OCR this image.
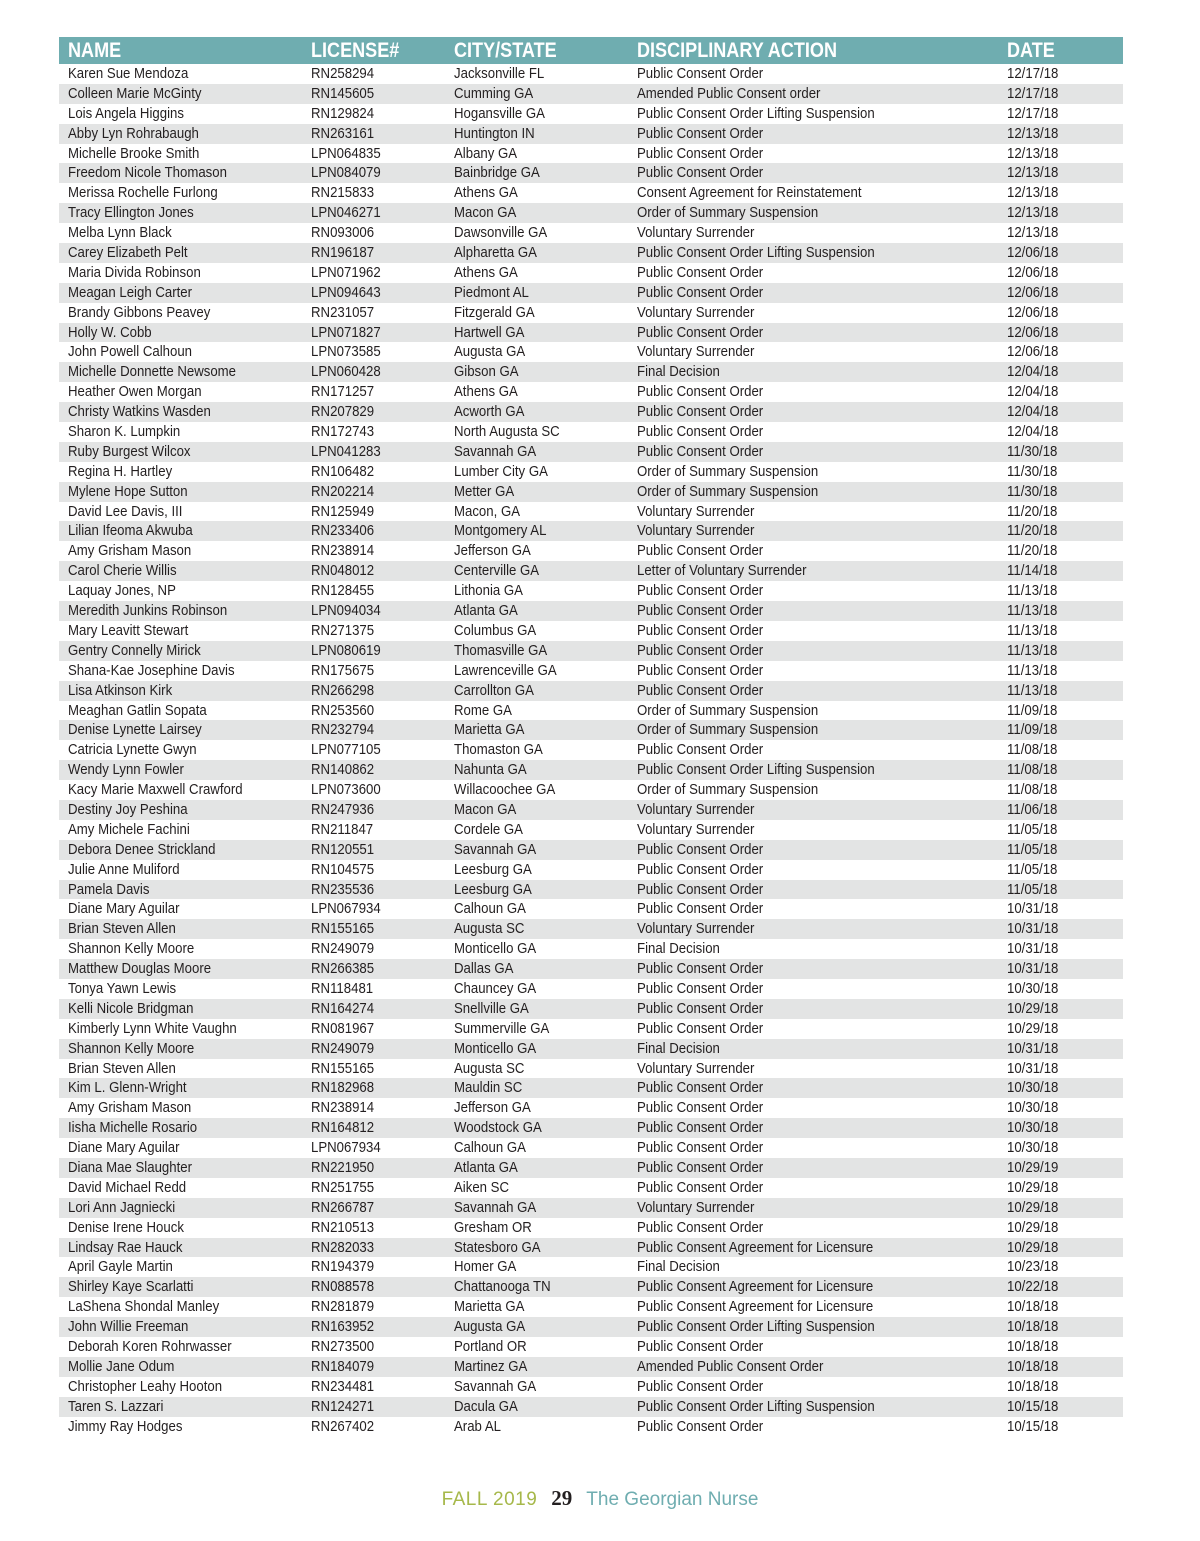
NAME	LICENSE#	CITY/STATE	DISCIPLINARY ACTION	DATE
Karen Sue Mendoza	RN258294	Jacksonville FL	Public Consent Order	12/17/18
Colleen Marie McGinty	RN145605	Cumming GA	Amended Public Consent order	12/17/18
Lois Angela Higgins	RN129824	Hogansville GA	Public Consent Order Lifting Suspension	12/17/18
Abby Lyn Rohrabaugh	RN263161	Huntington IN	Public Consent Order	12/13/18
Michelle Brooke Smith	LPN064835	Albany GA	Public Consent Order	12/13/18
Freedom Nicole Thomason	LPN084079	Bainbridge GA	Public Consent Order	12/13/18
Merissa Rochelle Furlong	RN215833	Athens GA	Consent Agreement for Reinstatement	12/13/18
Tracy Ellington Jones	LPN046271	Macon GA	Order of Summary Suspension	12/13/18
Melba Lynn Black	RN093006	Dawsonville GA	Voluntary Surrender	12/13/18
Carey Elizabeth Pelt	RN196187	Alpharetta GA	Public Consent Order Lifting Suspension	12/06/18
Maria Divida Robinson	LPN071962	Athens GA	Public Consent Order	12/06/18
Meagan Leigh Carter	LPN094643	Piedmont AL	Public Consent Order	12/06/18
Brandy Gibbons Peavey	RN231057	Fitzgerald GA	Voluntary Surrender	12/06/18
Holly W. Cobb	LPN071827	Hartwell GA	Public Consent Order	12/06/18
John Powell Calhoun	LPN073585	Augusta GA	Voluntary Surrender	12/06/18
Michelle Donnette Newsome	LPN060428	Gibson GA	Final Decision	12/04/18
Heather Owen Morgan	RN171257	Athens GA	Public Consent Order	12/04/18
Christy Watkins Wasden	RN207829	Acworth GA	Public Consent Order	12/04/18
Sharon K. Lumpkin	RN172743	North Augusta SC	Public Consent Order	12/04/18
Ruby Burgest Wilcox	LPN041283	Savannah GA	Public Consent Order	11/30/18
Regina H. Hartley	RN106482	Lumber City GA	Order of Summary Suspension	11/30/18
Mylene Hope Sutton	RN202214	Metter GA	Order of Summary Suspension	11/30/18
David Lee Davis, III	RN125949	Macon, GA	Voluntary Surrender	11/20/18
Lilian Ifeoma Akwuba	RN233406	Montgomery AL	Voluntary Surrender	11/20/18
Amy Grisham Mason	RN238914	Jefferson GA	Public Consent Order	11/20/18
Carol Cherie Willis	RN048012	Centerville GA	Letter of Voluntary Surrender	11/14/18
Laquay Jones, NP	RN128455	Lithonia GA	Public Consent Order	11/13/18
Meredith Junkins Robinson	LPN094034	Atlanta GA	Public Consent Order	11/13/18
Mary Leavitt Stewart	RN271375	Columbus GA	Public Consent Order	11/13/18
Gentry Connelly Mirick	LPN080619	Thomasville GA	Public Consent Order	11/13/18
Shana-Kae Josephine Davis	RN175675	Lawrenceville GA	Public Consent Order	11/13/18
Lisa Atkinson Kirk	RN266298	Carrollton GA	Public Consent Order	11/13/18
Meaghan Gatlin Sopata	RN253560	Rome GA	Order of Summary Suspension	11/09/18
Denise Lynette Lairsey	RN232794	Marietta GA	Order of Summary Suspension	11/09/18
Catricia Lynette Gwyn	LPN077105	Thomaston GA	Public Consent Order	11/08/18
Wendy Lynn Fowler	RN140862	Nahunta GA	Public Consent Order Lifting Suspension	11/08/18
Kacy Marie Maxwell Crawford	LPN073600	Willacoochee GA	Order of Summary Suspension	11/08/18
Destiny Joy Peshina	RN247936	Macon GA	Voluntary Surrender	11/06/18
Amy Michele Fachini	RN211847	Cordele GA	Voluntary Surrender	11/05/18
Debora Denee Strickland	RN120551	Savannah GA	Public Consent Order	11/05/18
Julie Anne Muliford	RN104575	Leesburg GA	Public Consent Order	11/05/18
Pamela Davis	RN235536	Leesburg GA	Public Consent Order	11/05/18
Diane Mary Aguilar	LPN067934	Calhoun GA	Public Consent Order	10/31/18
Brian Steven Allen	RN155165	Augusta SC	Voluntary Surrender	10/31/18
Shannon Kelly Moore	RN249079	Monticello GA	Final Decision	10/31/18
Matthew Douglas Moore	RN266385	Dallas GA	Public Consent Order	10/31/18
Tonya Yawn Lewis	RN118481	Chauncey GA	Public Consent Order	10/30/18
Kelli Nicole Bridgman	RN164274	Snellville GA	Public Consent Order	10/29/18
Kimberly Lynn White Vaughn	RN081967	Summerville GA	Public Consent Order	10/29/18
Shannon Kelly Moore	RN249079	Monticello GA	Final Decision	10/31/18
Brian Steven Allen	RN155165	Augusta SC	Voluntary Surrender	10/31/18
Kim L. Glenn-Wright	RN182968	Mauldin SC	Public Consent Order	10/30/18
Amy Grisham Mason	RN238914	Jefferson GA	Public Consent Order	10/30/18
Iisha Michelle Rosario	RN164812	Woodstock GA	Public Consent Order	10/30/18
Diane Mary Aguilar	LPN067934	Calhoun GA	Public Consent Order	10/30/18
Diana Mae Slaughter	RN221950	Atlanta GA	Public Consent Order	10/29/19
David Michael Redd	RN251755	Aiken SC	Public Consent Order	10/29/18
Lori Ann Jagniecki	RN266787	Savannah GA	Voluntary Surrender	10/29/18
Denise Irene Houck	RN210513	Gresham OR	Public Consent Order	10/29/18
Lindsay Rae Hauck	RN282033	Statesboro GA	Public Consent Agreement for Licensure	10/29/18
April Gayle Martin	RN194379	Homer GA	Final Decision	10/23/18
Shirley Kaye Scarlatti	RN088578	Chattanooga TN	Public Consent Agreement for Licensure	10/22/18
LaShena Shondal Manley	RN281879	Marietta GA	Public Consent Agreement for Licensure	10/18/18
John Willie Freeman	RN163952	Augusta GA	Public Consent Order Lifting Suspension	10/18/18
Deborah Koren Rohrwasser	RN273500	Portland OR	Public Consent Order	10/18/18
Mollie Jane Odum	RN184079	Martinez GA	Amended Public Consent Order	10/18/18
Christopher Leahy Hooton	RN234481	Savannah GA	Public Consent Order	10/18/18
Taren S. Lazzari	RN124271	Dacula GA	Public Consent Order Lifting Suspension	10/15/18
Jimmy Ray Hodges	RN267402	Arab AL	Public Consent Order	10/15/18
FALL 2019 29 The Georgian Nurse
